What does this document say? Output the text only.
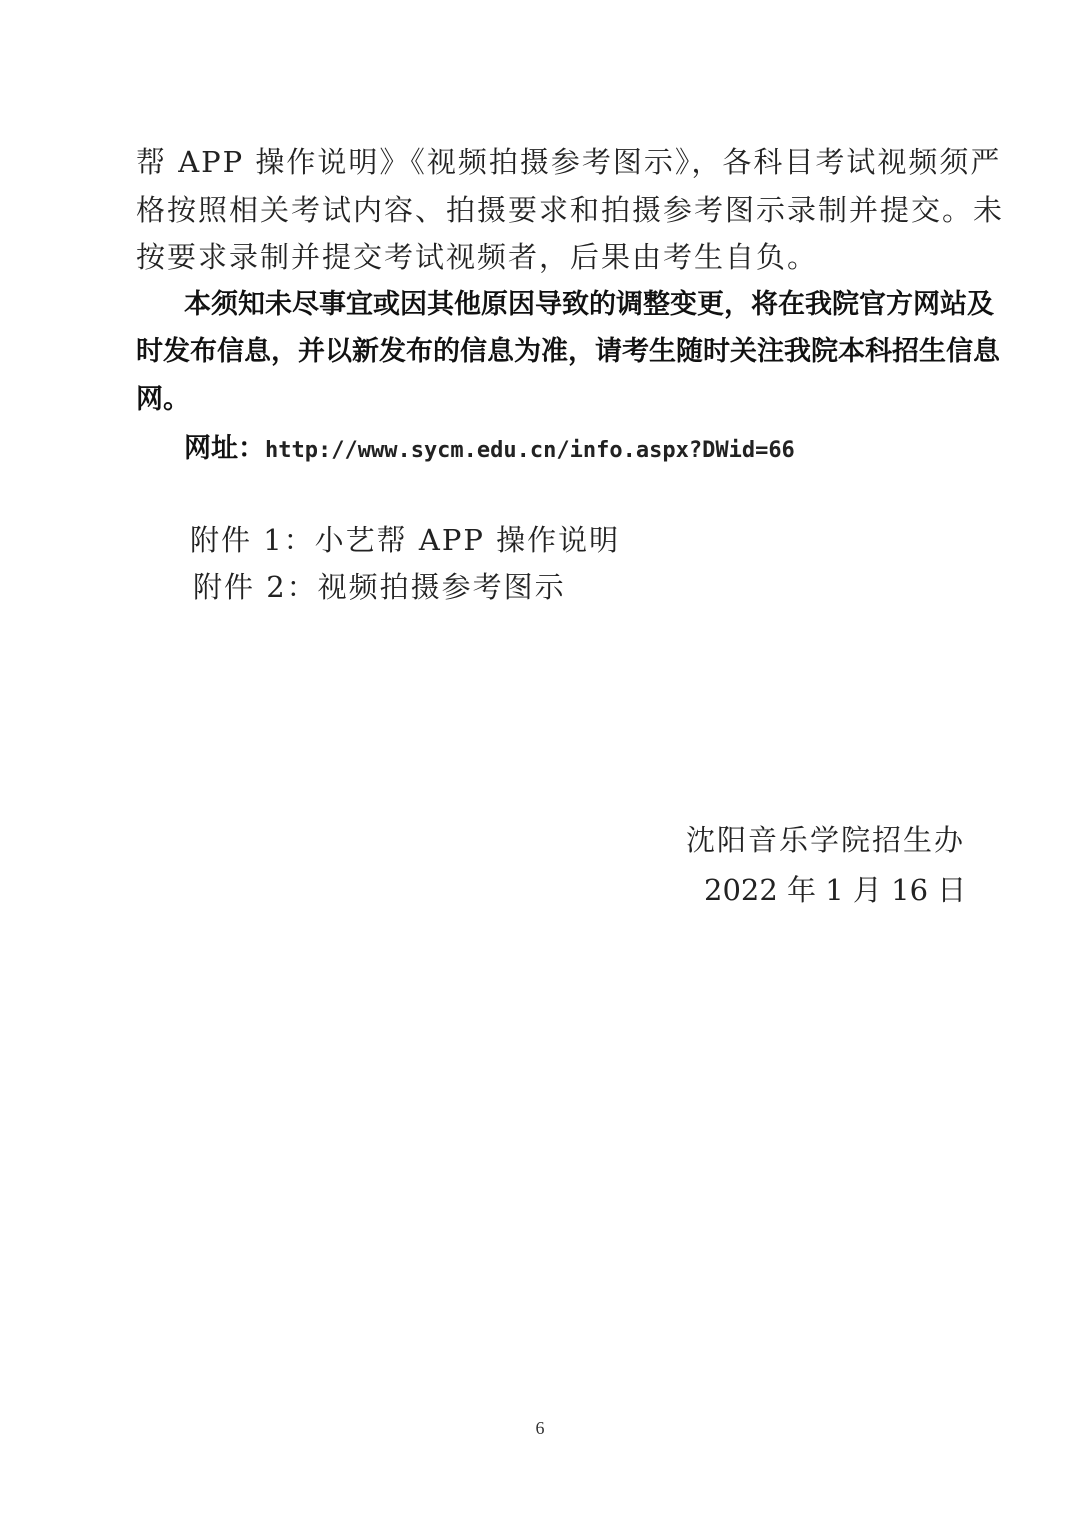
帮 APP 操作说明》《视频拍摄参考图示》，各科目考试视频须严
格按照相关考试内容、拍摄要求和拍摄参考图示录制并提交。未
按要求录制并提交考试视频者，后果由考生自负。
本须知未尽事宜或因其他原因导致的调整变更，将在我院官方网站及
时发布信息，并以新发布的信息为准，请考生随时关注我院本科招生信息
网。
网址：http://www.sycm.edu.cn/info.aspx?DWid=66
附件 1：小艺帮 APP 操作说明
附件 2：视频拍摄参考图示
沈阳音乐学院招生办
2022 年 1 月 16 日
6
